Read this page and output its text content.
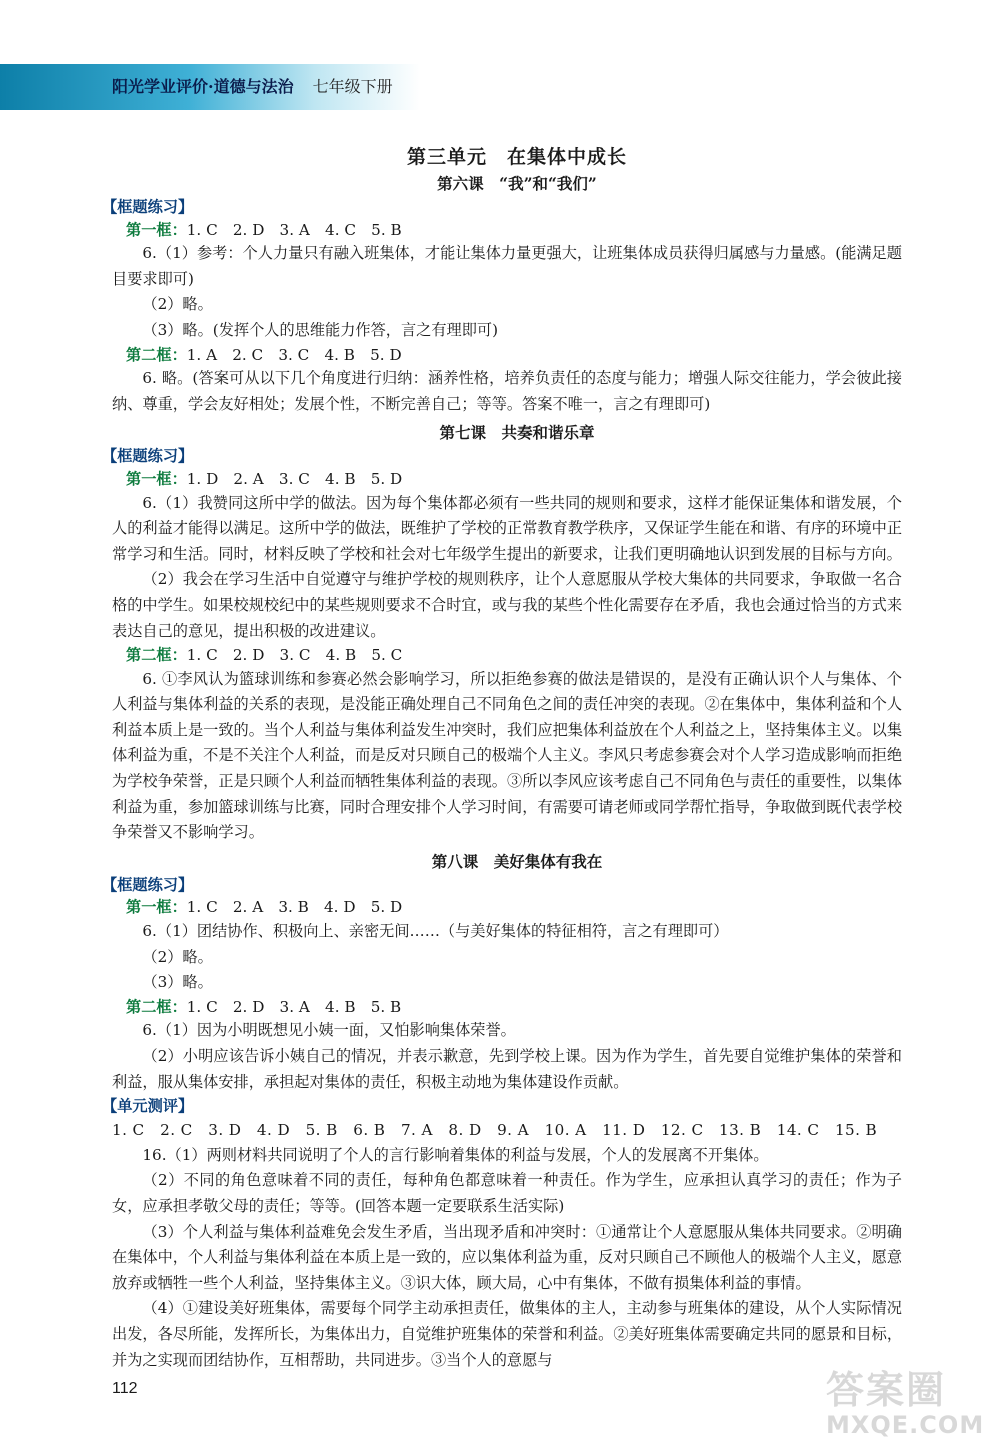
阳光学业评价·道德与法治 七年级下册
第三单元　在集体中成长
第六课　“我”和“我们”
【框题练习】
第一框：1. C　2. D　3. A　4. C　5. B
6.（1）参考：个人力量只有融入班集体，才能让集体力量更强大，让班集体成员获得归属感与力量感。(能满足题目要求即可)
（2）略。
（3）略。(发挥个人的思维能力作答，言之有理即可)
第二框：1. A　2. C　3. C　4. B　5. D
6. 略。(答案可从以下几个角度进行归纳：涵养性格，培养负责任的态度与能力；增强人际交往能力，学会彼此接纳、尊重，学会友好相处；发展个性，不断完善自己；等等。答案不唯一，言之有理即可)
第七课　共奏和谐乐章
【框题练习】
第一框：1. D　2. A　3. C　4. B　5. D
6.（1）我赞同这所中学的做法。因为每个集体都必须有一些共同的规则和要求，这样才能保证集体和谐发展，个人的利益才能得以满足。这所中学的做法，既维护了学校的正常教育教学秩序，又保证学生能在和谐、有序的环境中正常学习和生活。同时，材料反映了学校和社会对七年级学生提出的新要求，让我们更明确地认识到发展的目标与方向。
（2）我会在学习生活中自觉遵守与维护学校的规则秩序，让个人意愿服从学校大集体的共同要求，争取做一名合格的中学生。如果校规校纪中的某些规则要求不合时宜，或与我的某些个性化需要存在矛盾，我也会通过恰当的方式来表达自己的意见，提出积极的改进建议。
第二框：1. C　2. D　3. C　4. B　5. C
6. ①李风认为篮球训练和参赛必然会影响学习，所以拒绝参赛的做法是错误的，是没有正确认识个人与集体、个人利益与集体利益的关系的表现，是没能正确处理自己不同角色之间的责任冲突的表现。②在集体中，集体利益和个人利益本质上是一致的。当个人利益与集体利益发生冲突时，我们应把集体利益放在个人利益之上，坚持集体主义。以集体利益为重，不是不关注个人利益，而是反对只顾自己的极端个人主义。李风只考虑参赛会对个人学习造成影响而拒绝为学校争荣誉，正是只顾个人利益而牺牲集体利益的表现。③所以李风应该考虑自己不同角色与责任的重要性，以集体利益为重，参加篮球训练与比赛，同时合理安排个人学习时间，有需要可请老师或同学帮忙指导，争取做到既代表学校争荣誉又不影响学习。
第八课　美好集体有我在
【框题练习】
第一框：1. C　2. A　3. B　4. D　5. D
6.（1）团结协作、积极向上、亲密无间……（与美好集体的特征相符，言之有理即可）
（2）略。
（3）略。
第二框：1. C　2. D　3. A　4. B　5. B
6.（1）因为小明既想见小姨一面，又怕影响集体荣誉。
（2）小明应该告诉小姨自己的情况，并表示歉意，先到学校上课。因为作为学生，首先要自觉维护集体的荣誉和利益，服从集体安排，承担起对集体的责任，积极主动地为集体建设作贡献。
【单元测评】
1. C　2. C　3. D　4. D　5. B　6. B　7. A　8. D　9. A　10. A　11. D　12. C　13. B　14. C　15. B
16.（1）两则材料共同说明了个人的言行影响着集体的利益与发展，个人的发展离不开集体。
（2）不同的角色意味着不同的责任，每种角色都意味着一种责任。作为学生，应承担认真学习的责任；作为子女，应承担孝敬父母的责任；等等。(回答本题一定要联系生活实际)
（3）个人利益与集体利益难免会发生矛盾，当出现矛盾和冲突时：①通常让个人意愿服从集体共同要求。②明确在集体中，个人利益与集体利益在本质上是一致的，应以集体利益为重，反对只顾自己不顾他人的极端个人主义，愿意放弃或牺牲一些个人利益，坚持集体主义。③识大体，顾大局，心中有集体，不做有损集体利益的事情。
（4）①建设美好班集体，需要每个同学主动承担责任，做集体的主人，主动参与班集体的建设，从个人实际情况出发，各尽所能，发挥所长，为集体出力，自觉维护班集体的荣誉和利益。②美好班集体需要确定共同的愿景和目标，并为之实现而团结协作，互相帮助，共同进步。③当个人的意愿与
112	答案圈
MXQE.COM
